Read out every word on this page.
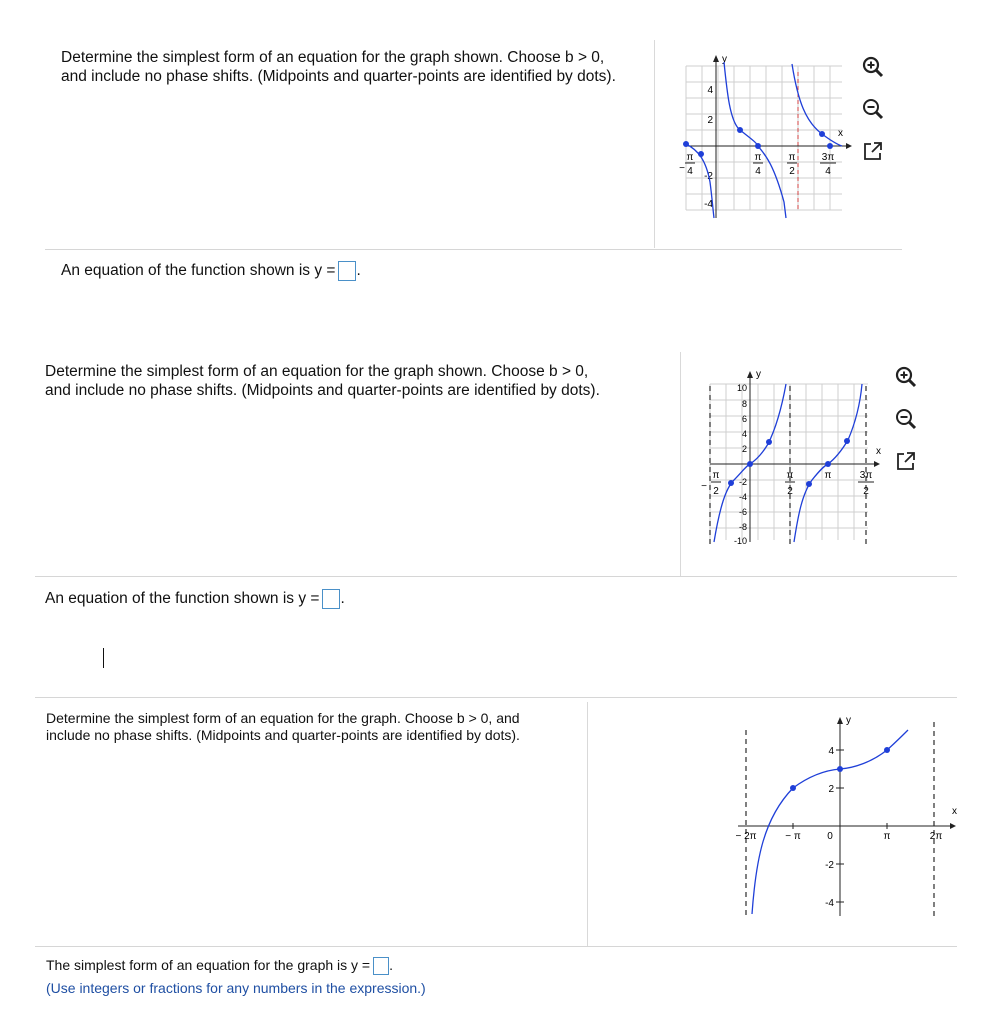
Determine the simplest form of an equation for the graph shown. Choose b > 0,
and include no phase shifts. (Midpoints and quarter-points are identified by dots).

y
x
4
2
-2
-4
−
π
4
π
4
π
2
3π
4
An equation of the function shown is y = .

Determine the simplest form of an equation for the graph shown. Choose b > 0,
and include no phase shifts. (Midpoints and quarter-points are identified by dots).

y
x
10
8
6
4
2
-2
-4
-6
-8
-10
−
π
2
π
2
π	3π
2
An equation of the function shown is y = .

Determine the simplest form of an equation for the graph. Choose b > 0, and
include no phase shifts. (Midpoints and quarter-points are identified by dots).

y
x
4
2
-2
-4
− 2π	− π	0	π	2π
The simplest form of an equation for the graph is y = .
(Use integers or fractions for any numbers in the expression.)
